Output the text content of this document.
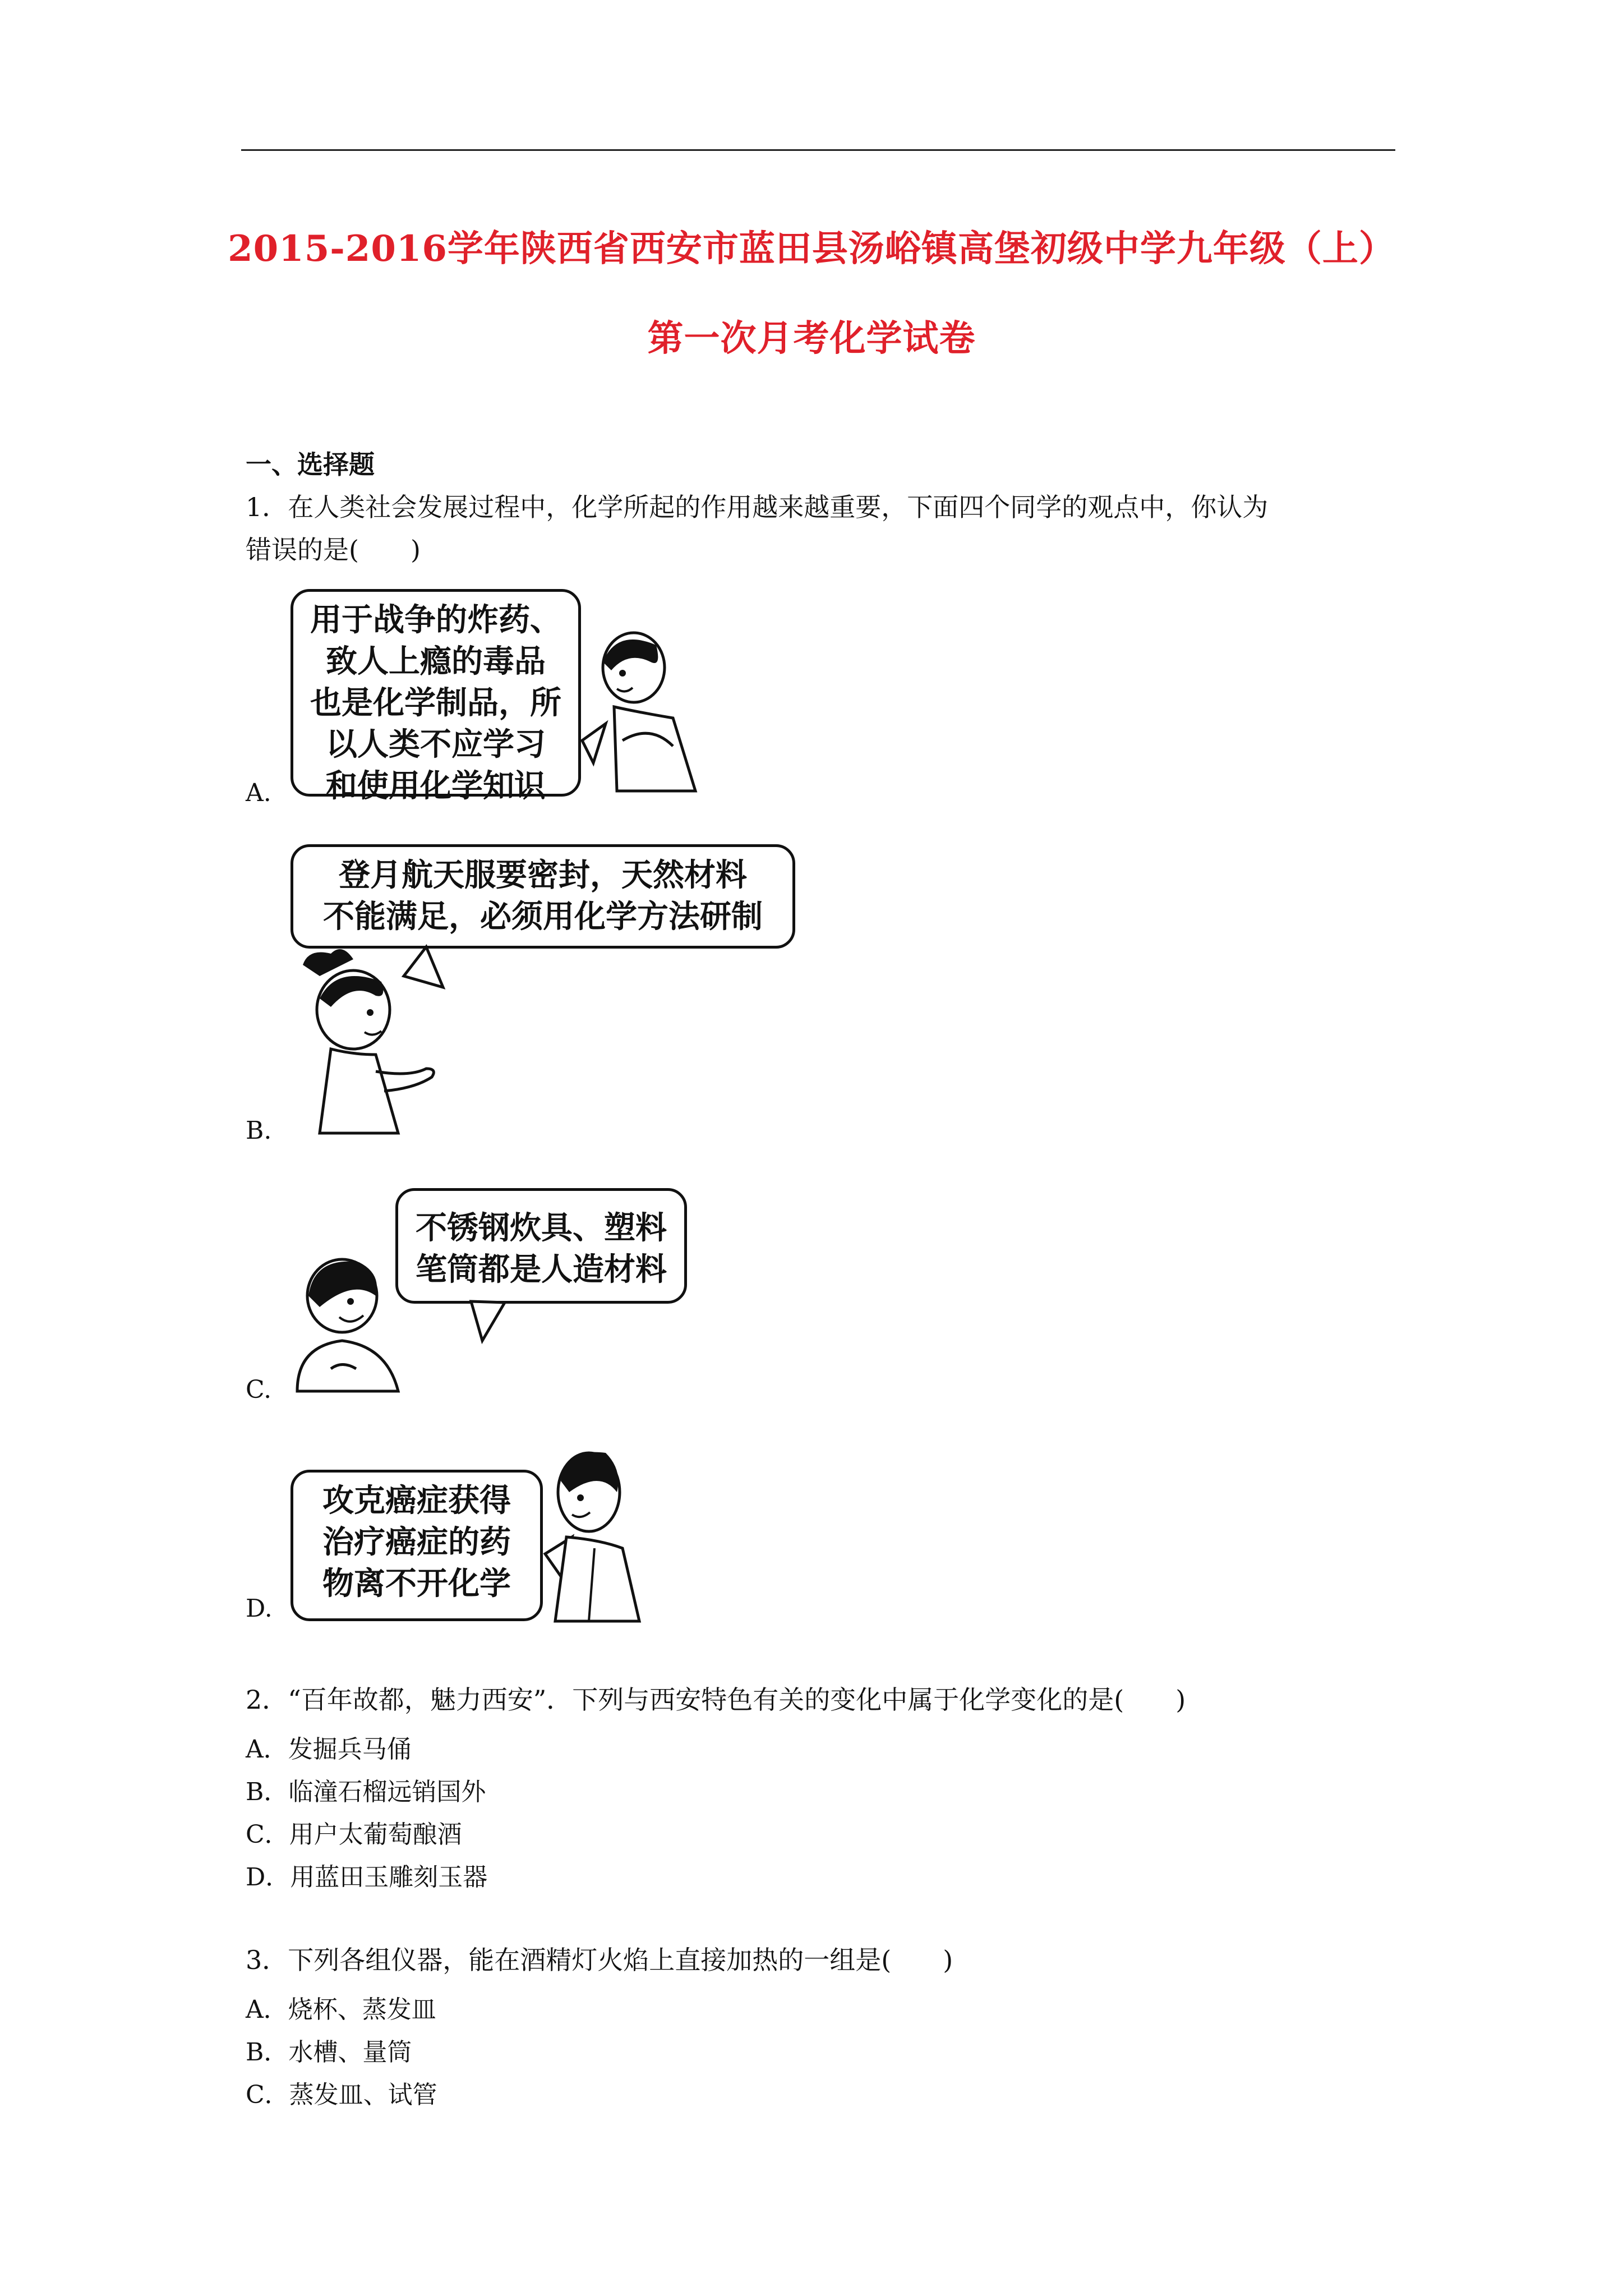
2015-2016学年陕西省西安市蓝田县汤峪镇高堡初级中学九年级（上）
第一次月考化学试卷
一、选择题
1．在人类社会发展过程中，化学所起的作用越来越重要，下面四个同学的观点中，你认为
错误的是(　　)
A.
用于战争的炸药、
致人上瘾的毒品
也是化学制品，所
以人类不应学习
和使用化学知识
B.
登月航天服要密封，天然材料
不能满足，必须用化学方法研制
C.
不锈钢炊具、塑料
笔筒都是人造材料
D.
攻克癌症获得
治疗癌症的药
物离不开化学
2．“百年故都，魅力西安”．下列与西安特色有关的变化中属于化学变化的是(　　)
A．发掘兵马俑
B．临潼石榴远销国外
C．用户太葡萄酿酒
D．用蓝田玉雕刻玉器
3．下列各组仪器，能在酒精灯火焰上直接加热的一组是(　　)
A．烧杯、蒸发皿
B．水槽、量筒
C．蒸发皿、试管
